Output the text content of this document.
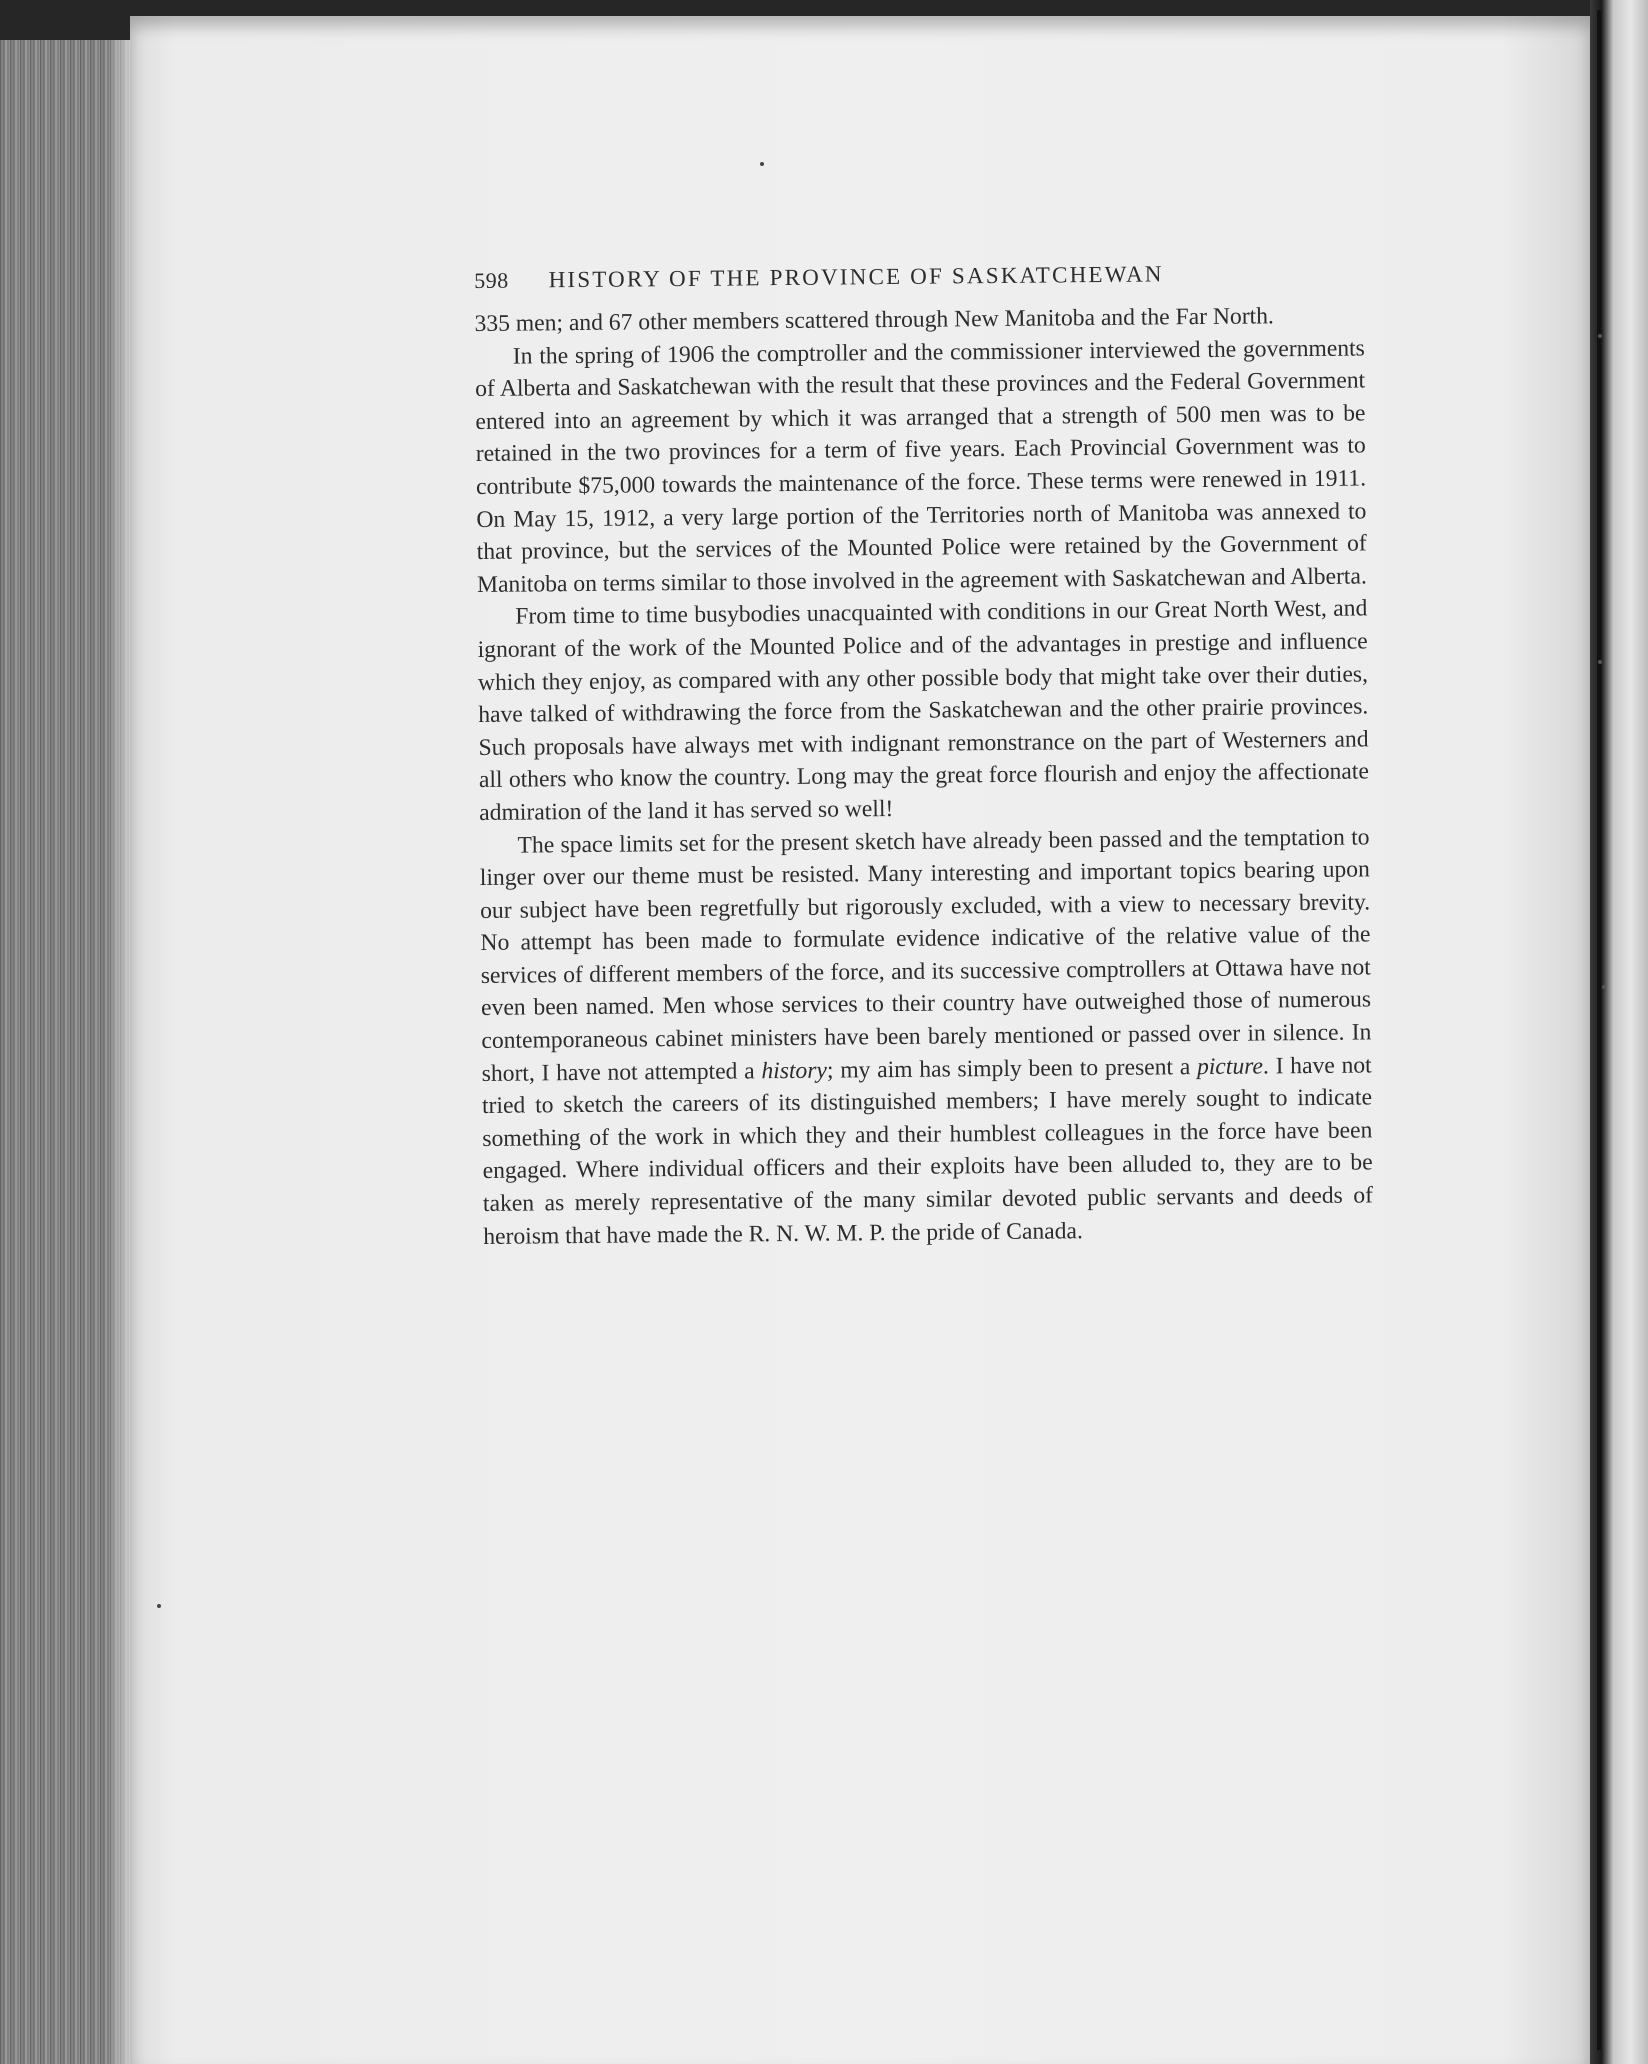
598 HISTORY OF THE PROVINCE OF SASKATCHEWAN

335 men; and 67 other members scattered through New Manitoba and the Far North.

In the spring of 1906 the comptroller and the commissioner interviewed the governments of Alberta and Saskatchewan with the result that these provinces and the Federal Government entered into an agreement by which it was arranged that a strength of 500 men was to be retained in the two provinces for a term of five years. Each Provincial Government was to contribute $75,000 towards the maintenance of the force. These terms were renewed in 1911. On May 15, 1912, a very large portion of the Territories north of Manitoba was annexed to that province, but the services of the Mounted Police were retained by the Government of Manitoba on terms similar to those involved in the agreement with Saskatchewan and Alberta.

From time to time busybodies unacquainted with conditions in our Great North West, and ignorant of the work of the Mounted Police and of the advantages in prestige and influence which they enjoy, as compared with any other possible body that might take over their duties, have talked of withdrawing the force from the Saskatchewan and the other prairie provinces. Such proposals have always met with indignant remonstrance on the part of Westerners and all others who know the country. Long may the great force flourish and enjoy the affectionate admiration of the land it has served so well!

The space limits set for the present sketch have already been passed and the temptation to linger over our theme must be resisted. Many interesting and important topics bearing upon our subject have been regretfully but rigorously excluded, with a view to necessary brevity. No attempt has been made to formulate evidence indicative of the relative value of the services of different members of the force, and its successive comptrollers at Ottawa have not even been named. Men whose services to their country have outweighed those of numerous contemporaneous cabinet ministers have been barely mentioned or passed over in silence. In short, I have not attempted a history; my aim has simply been to present a picture. I have not tried to sketch the careers of its distinguished members; I have merely sought to indicate something of the work in which they and their humblest colleagues in the force have been engaged. Where individual officers and their exploits have been alluded to, they are to be taken as merely representative of the many similar devoted public servants and deeds of heroism that have made the R. N. W. M. P. the pride of Canada.
